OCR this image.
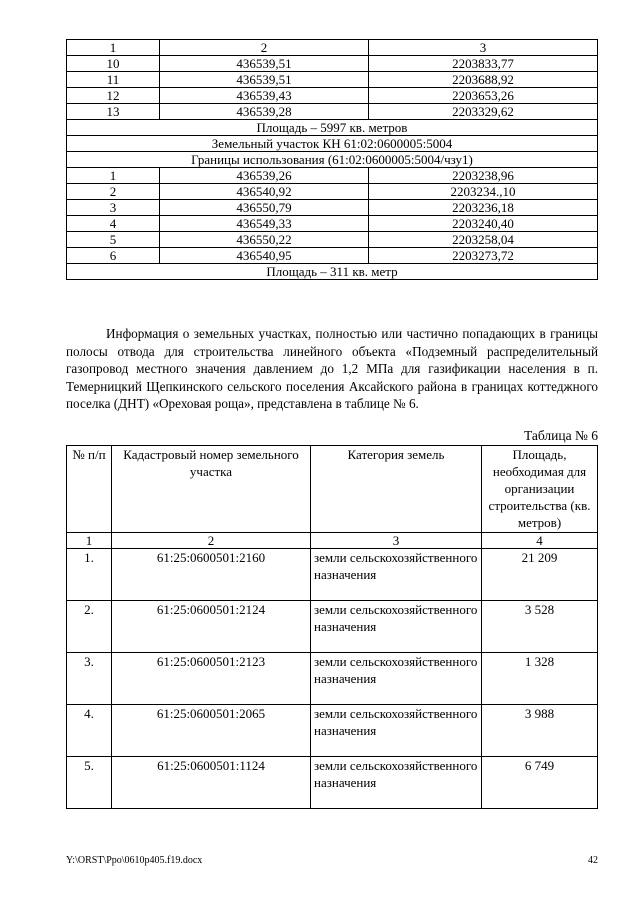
1	2	3
10	436539,51	2203833,77
11	436539,51	2203688,92
12	436539,43	2203653,26
13	436539,28	2203329,62
Площадь – 5997 кв. метров		
Земельный участок КН 61:02:0600005:5004		
Границы использования (61:02:0600005:5004/чзу1)		
1	436539,26	2203238,96
2	436540,92	2203234.,10
3	436550,79	2203236,18
4	436549,33	2203240,40
5	436550,22	2203258,04
6	436540,95	2203273,72
Площадь – 311 кв. метр		

Информация о земельных участках, полностью или частично попадающих в границы полосы отвода для строительства линейного объекта «Подземный распределительный газопровод местного значения давлением до 1,2 МПа для газификации населения в п. Темерницкий Щепкинского сельского поселения Аксайского района в границах коттеджного поселка (ДНТ) «Ореховая роща», представлена в таблице № 6.

Таблица № 6
№ п/п	Кадастровый номер земельного участка	Категория земель	Площадь, необходимая для организации строительства (кв. метров)
1	2	3	4
1.	61:25:0600501:2160	земли сельскохозяйственного назначения	21 209
2.	61:25:0600501:2124	земли сельскохозяйственного назначения	3 528
3.	61:25:0600501:2123	земли сельскохозяйственного назначения	1 328
4.	61:25:0600501:2065	земли сельскохозяйственного назначения	3 988
5.	61:25:0600501:1124	земли сельскохозяйственного назначения	6 749
Y:\ORST\Ppo\0610p405.f19.docx	42
